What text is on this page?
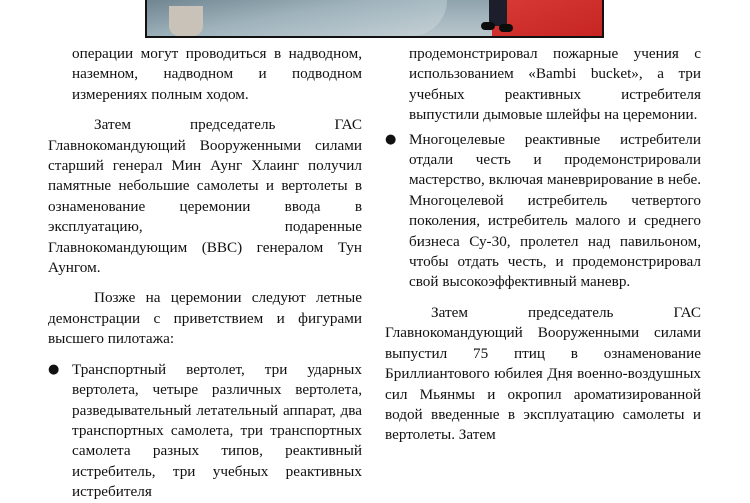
операции могут проводиться в надводном, наземном, надводном и подводном измерениях полным ходом.

Затем председатель ГАС Главнокомандующий Вооруженными силами старший генерал Мин Аунг Хлаинг получил памятные небольшие самолеты и вертолеты в ознаменование церемонии ввода в эксплуатацию, подаренные Главнокомандующим (ВВС) генералом Тун Аунгом.

Позже на церемонии следуют летные демонстрации с приветствием и фигурами высшего пилотажа:

● Транспортный вертолет, три ударных вертолета, четыре различных вертолета, разведывательный летательный аппарат, два транспортных самолета, три транспортных самолета разных типов, реактивный истребитель, три учебных реактивных истребителя

продемонстрировал пожарные учения с использованием «Bambi bucket», а три учебных реактивных истребителя выпустили дымовые шлейфы на церемонии.

● Многоцелевые реактивные истребители отдали честь и продемонстрировали мастерство, включая маневрирование в небе. Многоцелевой истребитель четвертого поколения, истребитель малого и среднего бизнеса Су-30, пролетел над павильоном, чтобы отдать честь, и продемонстрировал свой высокоэффективный маневр.

Затем председатель ГАС Главнокомандующий Вооруженными силами выпустил 75 птиц в ознаменование Бриллиантового юбилея Дня военно-воздушных сил Мьянмы и окропил ароматизированной водой введенные в эксплуатацию самолеты и вертолеты. Затем
